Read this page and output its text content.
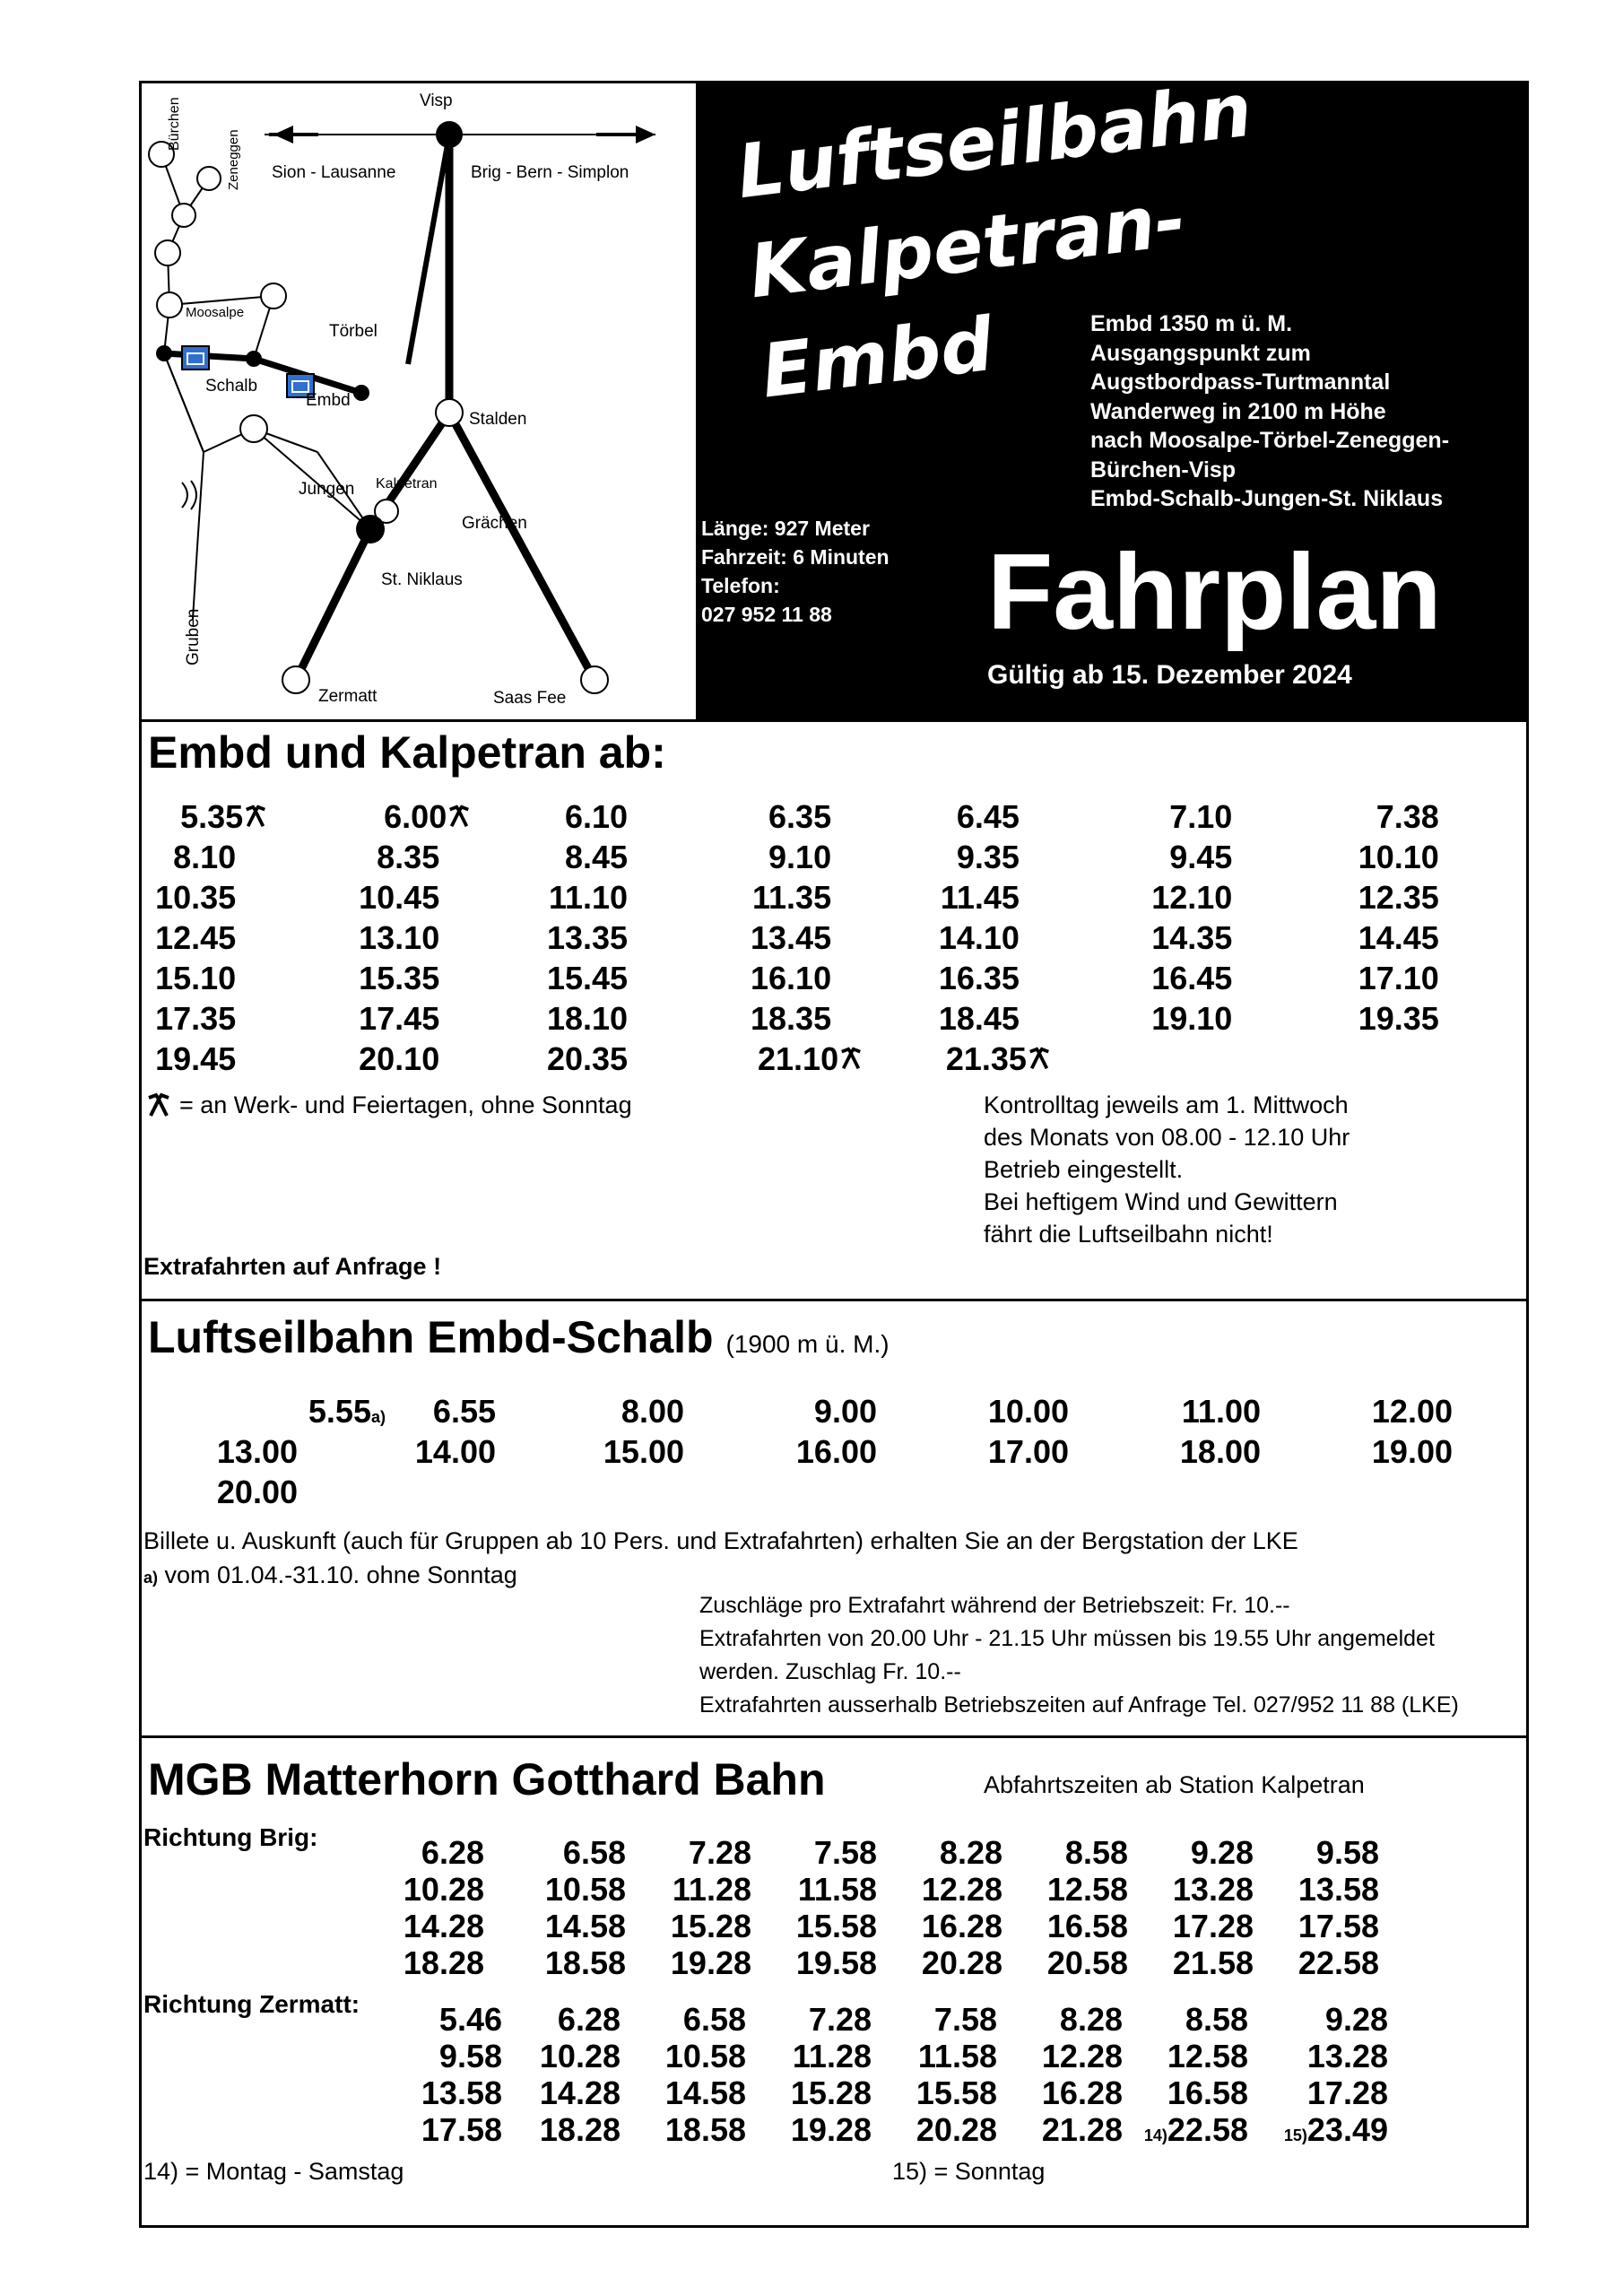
Visp
Sion - Lausanne	Brig - Bern - Simplon
Bürchen
Zeneggen
Moosalpe
Törbel
Schalb
Embd
Stalden
Jungen Kalpetran
Grächen
St. Niklaus
Gruben
Zermatt	Saas Fee
Luftseilbahn
Kalpetran-
Embd	Embd 1350 m ü. M.
Ausgangspunkt zum
Augstbordpass-Turtmanntal
Wanderweg in 2100 m Höhe
nach Moosalpe-Törbel-Zeneggen-
Bürchen-Visp
Embd-Schalb-Jungen-St. Niklaus
Länge: 927 Meter
Fahrzeit: 6 Minuten
Telefon:
027 952 11 88	Fahrplan
Gültig ab 15. Dezember 2024
Embd und Kalpetran ab:
5.35	6.00	6.10	6.35	6.45	7.10	7.38
8.10	8.35	8.45	9.10	9.35	9.45	10.10
10.35	10.45	11.10	11.35	11.45	12.10	12.35
12.45	13.10	13.35	13.45	14.10	14.35	14.45
15.10	15.35	15.45	16.10	16.35	16.45	17.10
17.35	17.45	18.10	18.35	18.45	19.10	19.35
19.45	20.10	20.35	21.10	21.35
= an Werk- und Feiertagen, ohne Sonntag	Kontrolltag jeweils am 1. Mittwoch
des Monats von 08.00 - 12.10 Uhr
Betrieb eingestellt.
Bei heftigem Wind und Gewittern
fährt die Luftseilbahn nicht!
Extrafahrten auf Anfrage !
Luftseilbahn Embd-Schalb (1900 m ü. M.)
5.55a)	6.55	8.00	9.00	10.00	11.00	12.00
13.00	14.00	15.00	16.00	17.00	18.00	19.00
20.00
Billete u. Auskunft (auch für Gruppen ab 10 Pers. und Extrafahrten) erhalten Sie an der Bergstation der LKE
a) vom 01.04.-31.10. ohne Sonntag
Zuschläge pro Extrafahrt während der Betriebszeit: Fr. 10.--
Extrafahrten von 20.00 Uhr - 21.15 Uhr müssen bis 19.55 Uhr angemeldet
werden. Zuschlag Fr. 10.--
Extrafahrten ausserhalb Betriebszeiten auf Anfrage Tel. 027/952 11 88 (LKE)
MGB Matterhorn Gotthard Bahn	Abfahrtszeiten ab Station Kalpetran
Richtung Brig:	6.28	6.58	7.28	7.58	8.28	8.58	9.28	9.58
10.28	10.58	11.28	11.58	12.28	12.58	13.28	13.58
14.28	14.58	15.28	15.58	16.28	16.58	17.28	17.58
18.28	18.58	19.28	19.58	20.28	20.58	21.58	22.58
Richtung Zermatt:	5.46	6.28	6.58	7.28	7.58	8.28	8.58	9.28
9.58	10.28	10.58	11.28	11.58	12.28	12.58	13.28
13.58	14.28	14.58	15.28	15.58	16.28	16.58	17.28
17.58	18.28	18.58	19.28	20.28	21.28	14)22.58	15)23.49
14) = Montag - Samstag	15) = Sonntag
